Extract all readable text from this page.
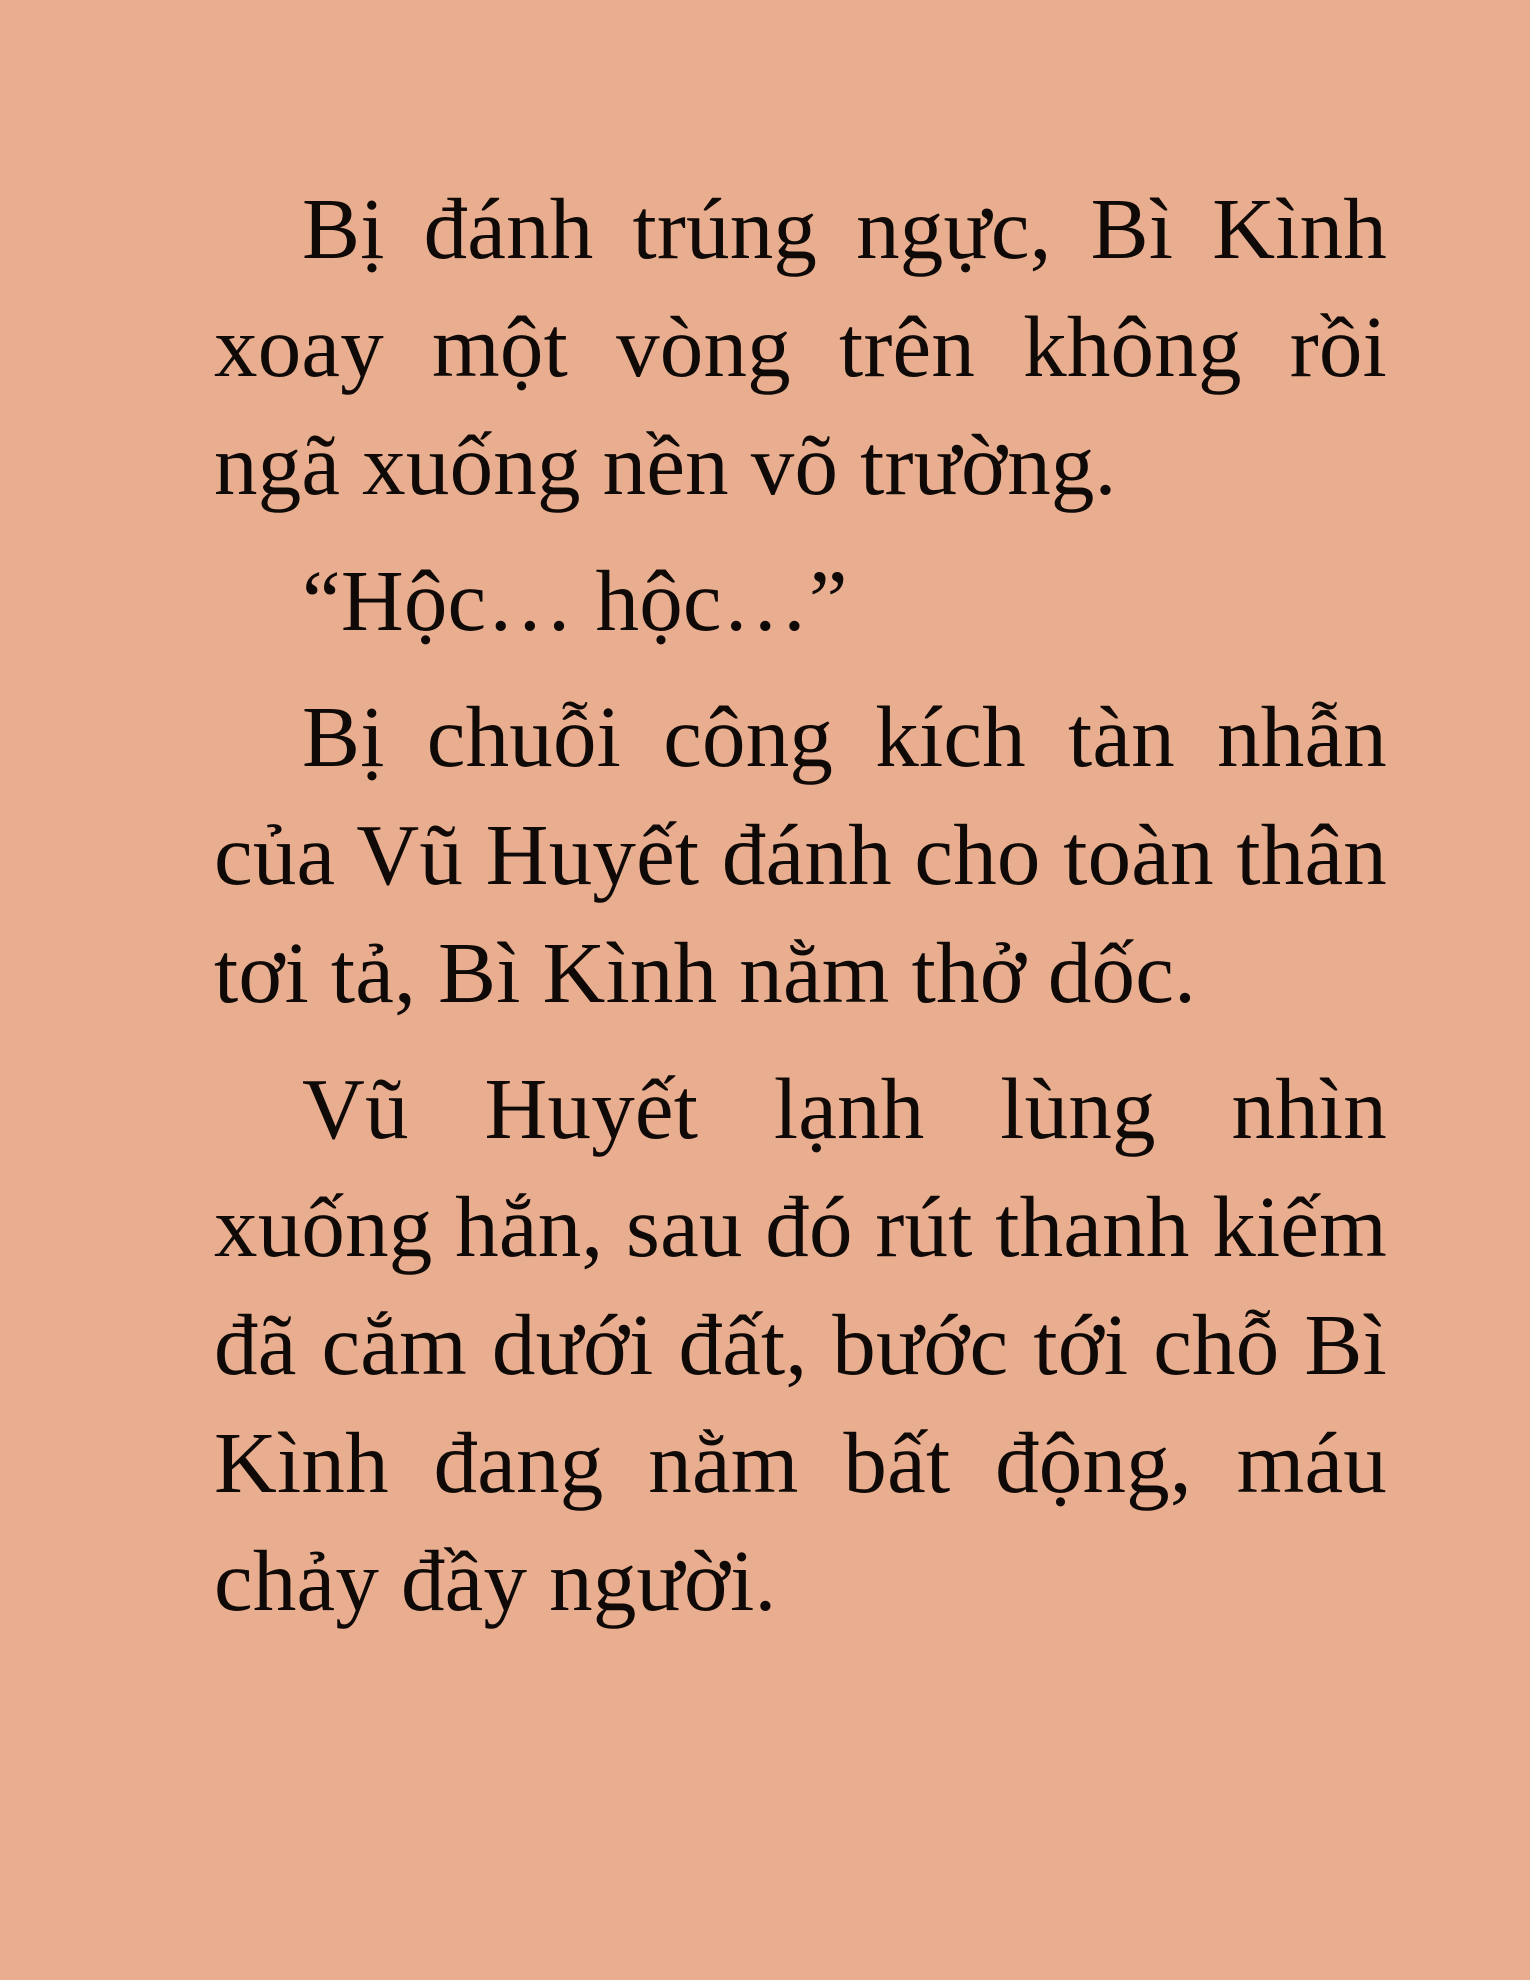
Bị đánh trúng ngực, Bì Kình xoay một vòng trên không rồi ngã xuống nền võ trường.

“Hộc… hộc…”

Bị chuỗi công kích tàn nhẫn của Vũ Huyết đánh cho toàn thân tơi tả, Bì Kình nằm thở dốc.

Vũ Huyết lạnh lùng nhìn xuống hắn, sau đó rút thanh kiếm đã cắm dưới đất, bước tới chỗ Bì Kình đang nằm bất động, máu chảy đầy người.
